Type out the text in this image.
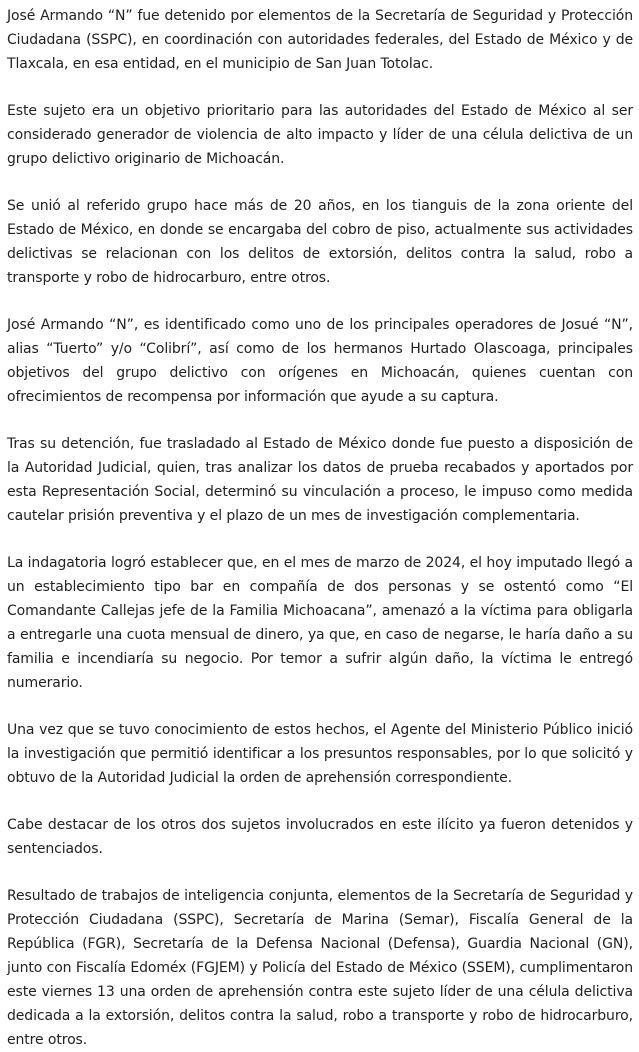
José Armando “N” fue detenido por elementos de la Secretaría de Seguridad y Protección Ciudadana (SSPC), en coordinación con autoridades federales, del Estado de México y de Tlaxcala, en esa entidad, en el municipio de San Juan Totolac.

Este sujeto era un objetivo prioritario para las autoridades del Estado de México al ser considerado generador de violencia de alto impacto y líder de una célula delictiva de un grupo delictivo originario de Michoacán.

Se unió al referido grupo hace más de 20 años, en los tianguis de la zona oriente del Estado de México, en donde se encargaba del cobro de piso, actualmente sus actividades delictivas se relacionan con los delitos de extorsión, delitos contra la salud, robo a transporte y robo de hidrocarburo, entre otros.

José Armando “N”, es identificado como uno de los principales operadores de Josué “N”, alias “Tuerto” y/o “Colibrí”, así como de los hermanos Hurtado Olascoaga, principales objetivos del grupo delictivo con orígenes en Michoacán, quienes cuentan con ofrecimientos de recompensa por información que ayude a su captura.

Tras su detención, fue trasladado al Estado de México donde fue puesto a disposición de la Autoridad Judicial, quien, tras analizar los datos de prueba recabados y aportados por esta Representación Social, determinó su vinculación a proceso, le impuso como medida cautelar prisión preventiva y el plazo de un mes de investigación complementaria.

La indagatoria logró establecer que, en el mes de marzo de 2024, el hoy imputado llegó a un establecimiento tipo bar en compañía de dos personas y se ostentó como “El Comandante Callejas jefe de la Familia Michoacana”, amenazó a la víctima para obligarla a entregarle una cuota mensual de dinero, ya que, en caso de negarse, le haría daño a su familia e incendiaría su negocio. Por temor a sufrir algún daño, la víctima le entregó numerario.

Una vez que se tuvo conocimiento de estos hechos, el Agente del Ministerio Público inició la investigación que permitió identificar a los presuntos responsables, por lo que solicitó y obtuvo de la Autoridad Judicial la orden de aprehensión correspondiente.

Cabe destacar de los otros dos sujetos involucrados en este ilícito ya fueron detenidos y sentenciados.

Resultado de trabajos de inteligencia conjunta, elementos de la Secretaría de Seguridad y Protección Ciudadana (SSPC), Secretaría de Marina (Semar), Fiscalía General de la República (FGR), Secretaría de la Defensa Nacional (Defensa), Guardia Nacional (GN), junto con Fiscalía Edoméx (FGJEM) y Policía del Estado de México (SSEM), cumplimentaron este viernes 13 una orden de aprehensión contra este sujeto líder de una célula delictiva dedicada a la extorsión, delitos contra la salud, robo a transporte y robo de hidrocarburo, entre otros.
